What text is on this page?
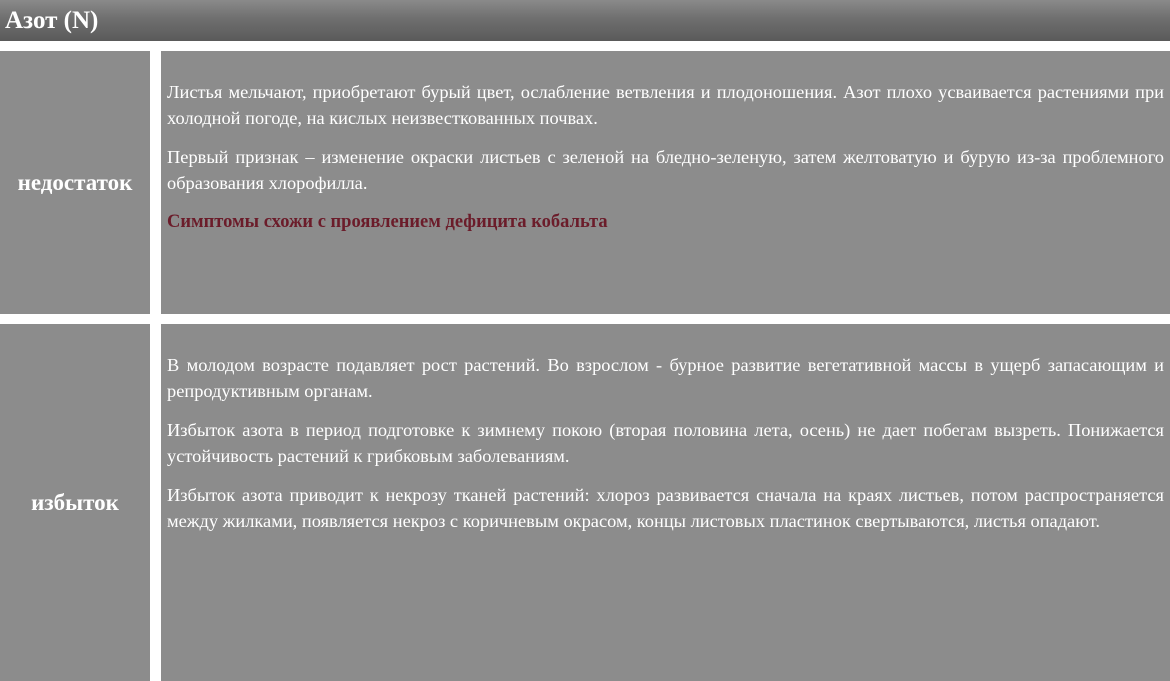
Азот (N)
недостаток

Листья мельчают, приобретают бурый цвет, ослабление ветвления и плодоношения. Азот плохо усваивается растениями при холодной погоде, на кислых неизвесткованных почвах.

Первый признак – изменение окраски листьев с зеленой на бледно-зеленую, затем желтоватую и бурую из-за проблемного образования хлорофилла.

Симптомы схожи с проявлением дефицита кобальта

избыток

В молодом возрасте подавляет рост растений. Во взрослом - бурное развитие вегетативной массы в ущерб запасающим и репродуктивным органам.

Избыток азота в период подготовке к зимнему покою (вторая половина лета, осень) не дает побегам вызреть. Понижается устойчивость растений к грибковым заболеваниям.

Избыток азота приводит к некрозу тканей растений: хлороз развивается сначала на краях листьев, потом распространяется между жилками, появляется некроз с коричневым окрасом, концы листовых пластинок свертываются, листья опадают.
